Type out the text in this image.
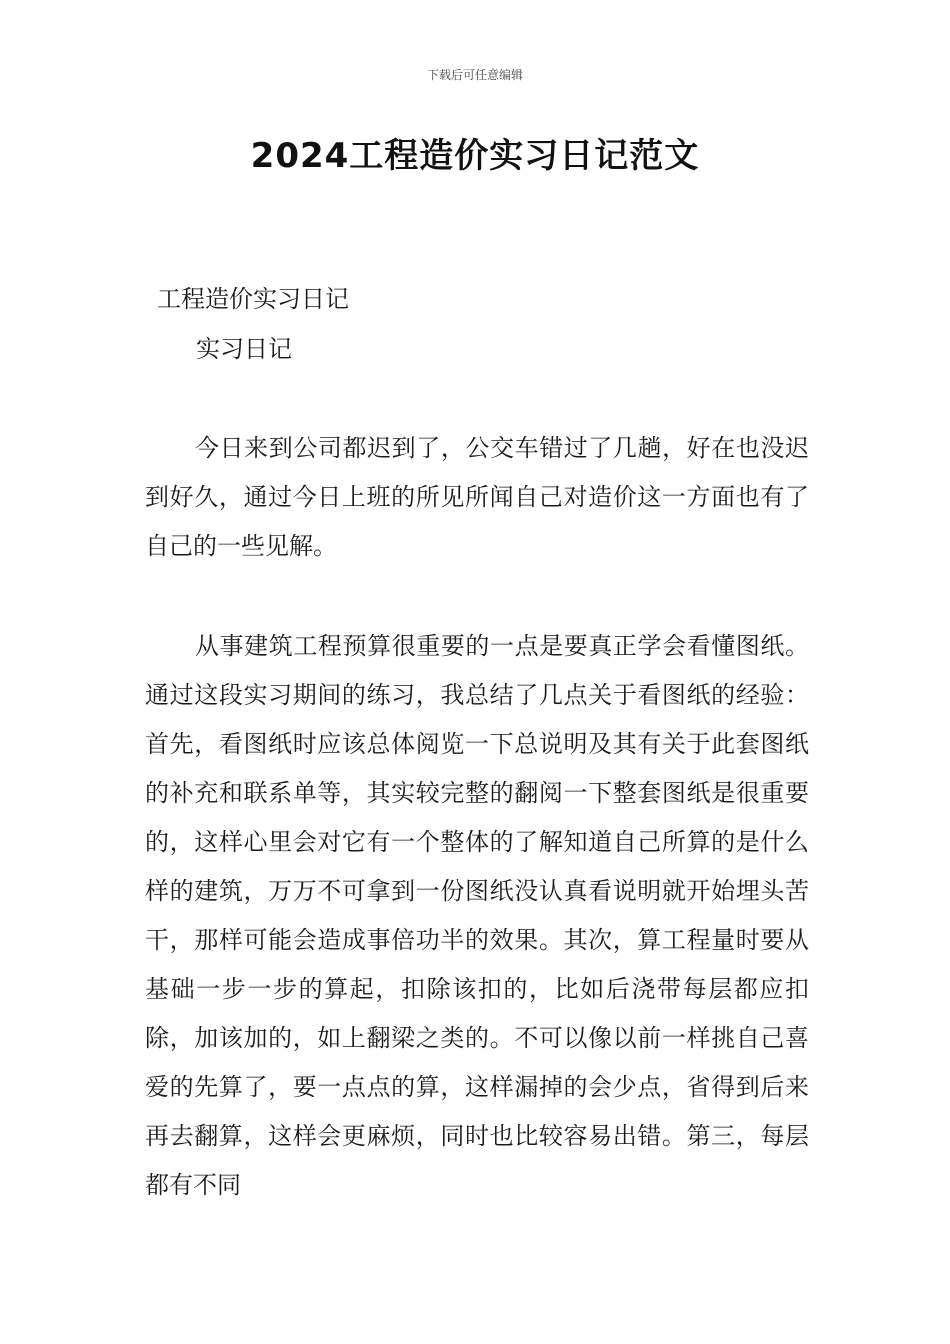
下载后可任意编辑
2024工程造价实习日记范文
工程造价实习日记
实习日记

今日来到公司都迟到了，公交车错过了几趟，好在也没迟到好久，通过今日上班的所见所闻自己对造价这一方面也有了自己的一些见解。

从事建筑工程预算很重要的一点是要真正学会看懂图纸。通过这段实习期间的练习，我总结了几点关于看图纸的经验：首先，看图纸时应该总体阅览一下总说明及其有关于此套图纸的补充和联系单等，其实较完整的翻阅一下整套图纸是很重要的，这样心里会对它有一个整体的了解知道自己所算的是什么样的建筑，万万不可拿到一份图纸没认真看说明就开始埋头苦干，那样可能会造成事倍功半的效果。其次，算工程量时要从基础一步一步的算起，扣除该扣的，比如后浇带每层都应扣除，加该加的，如上翻梁之类的。不可以像以前一样挑自己喜爱的先算了，要一点点的算，这样漏掉的会少点，省得到后来再去翻算，这样会更麻烦，同时也比较容易出错。第三，每层都有不同
